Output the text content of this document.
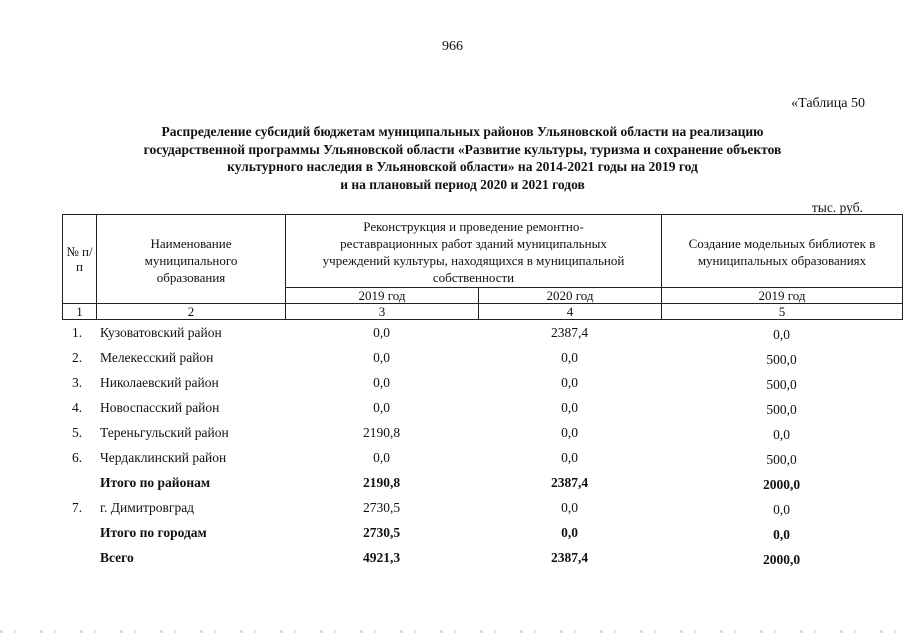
966
«Таблица 50
Распределение субсидий бюджетам муниципальных районов Ульяновской области на реализацию
государственной программы Ульяновской области «Развитие культуры, туризма и сохранение объектов
культурного наследия в Ульяновской области» на 2014-2021 годы на 2019 год
и на плановый период 2020 и 2021 годов
тыс. руб.
№ п/п	Наименование муниципального образования	Реконструкция и проведение ремонтно-реставрационных работ зданий муниципальных учреждений культуры, находящихся в муниципальной собственности		Создание модельных библиотек в муниципальных образованиях
		2019 год	2020 год	2019 год
1	2	3	4	5
1.	Кузоватовский район	0,0	2387,4	0,0
2.	Мелекесский район	0,0	0,0	500,0
3.	Николаевский район	0,0	0,0	500,0
4.	Новоспасский район	0,0	0,0	500,0
5.	Тереньгульский район	2190,8	0,0	0,0
6.	Чердаклинский район	0,0	0,0	500,0
	Итого по районам	2190,8	2387,4	2000,0
7.	г. Димитровград	2730,5	0,0	0,0
	Итого по городам	2730,5	0,0	0,0
	Всего	4921,3	2387,4	2000,0
